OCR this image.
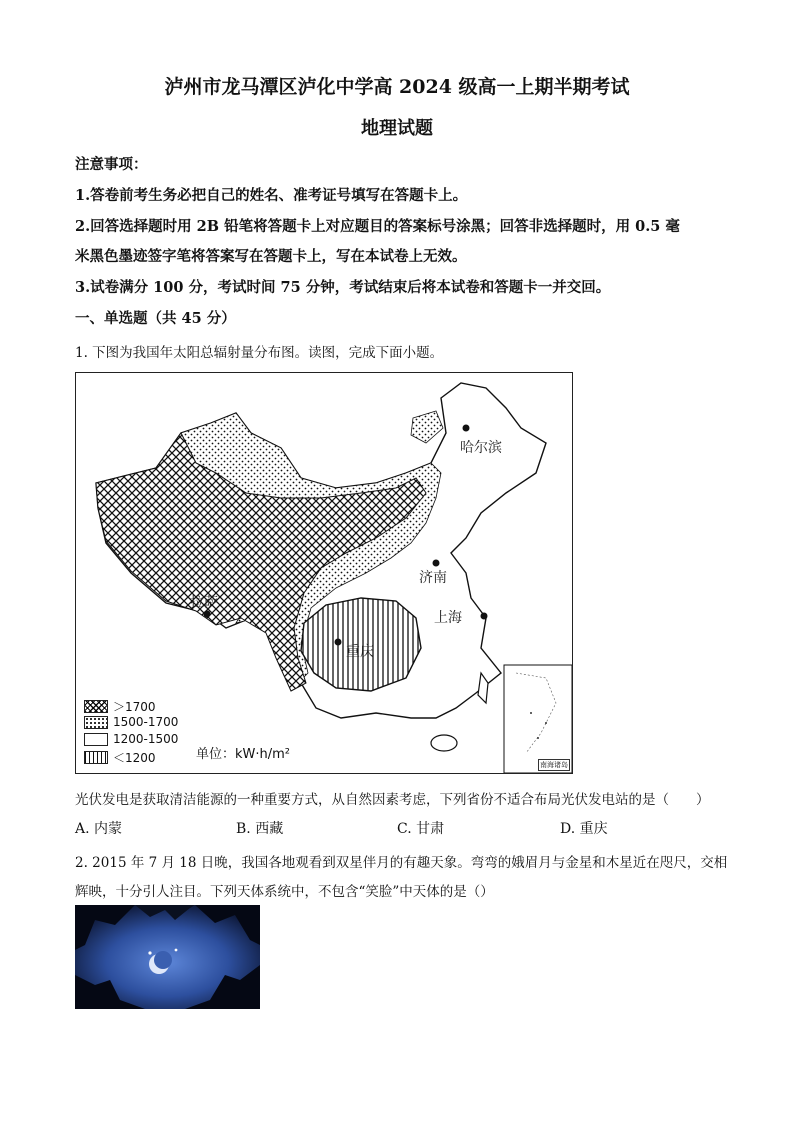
泸州市龙马潭区泸化中学高 2024 级高一上期半期考试
地理试题
注意事项：
1.答卷前考生务必把自己的姓名、准考证号填写在答题卡上。
2.回答选择题时用 2B 铅笔将答题卡上对应题目的答案标号涂黑；回答非选择题时，用 0.5 毫
米黑色墨迹签字笔将答案写在答题卡上，写在本试卷上无效。
3.试卷满分 100 分，考试时间 75 分钟，考试结束后将本试卷和答题卡一并交回。
一、单选题（共 45 分）
1. 下图为我国年太阳总辐射量分布图。读图，完成下面小题。
哈尔滨
济南
拉萨
上海
重庆
＞1700
1500-1700
1200-1500
＜1200	单位：kW·h/m²
南海诸岛
光伏发电是获取清洁能源的一种重要方式，从自然因素考虑，下列省份不适合布局光伏发电站的是（　　）
A. 内蒙	B. 西藏	C. 甘肃	D. 重庆
2. 2015 年 7 月 18 日晚，我国各地观看到双星伴月的有趣天象。弯弯的娥眉月与金星和木星近在咫尺，交相
辉映，十分引人注目。下列天体系统中，不包含“笑脸”中天体的是（）
